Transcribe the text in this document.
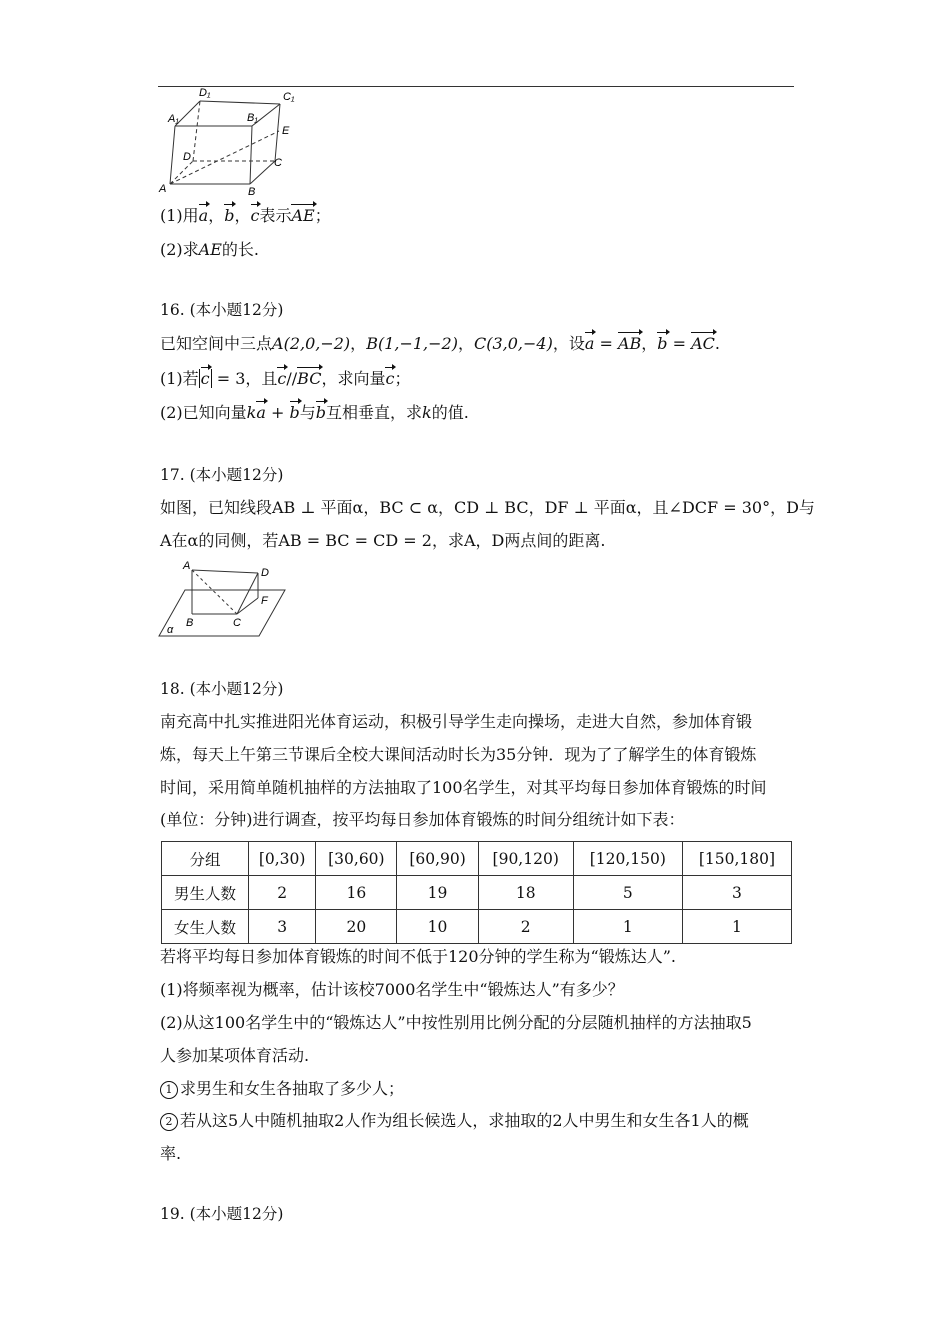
D₁	C₁
A₁	B₁
E
D	C
A	B
(1)用a，b，c表示AE；
(2)求AE的长.
16. (本小题12分)
已知空间中三点A(2,0,−2)，B(1,−1,−2)，C(3,0,−4)，设a = AB，b = AC.
(1)若 c = 3，且c//BC，求向量c；
(2)已知向量ka + b与b互相垂直，求k的值.
17. (本小题12分)
如图，已知线段AB ⊥ 平面α，BC ⊂ α，CD ⊥ BC，DF ⊥ 平面α，且∠DCF = 30°，D与
A在α的同侧，若AB = BC = CD = 2，求A，D两点间的距离.
A
D
F
B	C
α
18. (本小题12分)
南充高中扎实推进阳光体育运动，积极引导学生走向操场，走进大自然，参加体育锻
炼，每天上午第三节课后全校大课间活动时长为35分钟．现为了了解学生的体育锻炼
时间，采用简单随机抽样的方法抽取了100名学生，对其平均每日参加体育锻炼的时间
(单位：分钟)进行调查，按平均每日参加体育锻炼的时间分组统计如下表：
分组	[0,30)	[30,60)	[60,90)	[90,120)	[120,150)	[150,180]
男生人数	2	16	19	18	5	3
女生人数	3	20	10	2	1	1
若将平均每日参加体育锻炼的时间不低于120分钟的学生称为“锻炼达人”.
(1)将频率视为概率，估计该校7000名学生中“锻炼达人”有多少？
(2)从这100名学生中的“锻炼达人”中按性别用比例分配的分层随机抽样的方法抽取5
人参加某项体育活动.
1 求男生和女生各抽取了多少人；
2 若从这5人中随机抽取2人作为组长候选人，求抽取的2人中男生和女生各1人的概
率.
19. (本小题12分)
